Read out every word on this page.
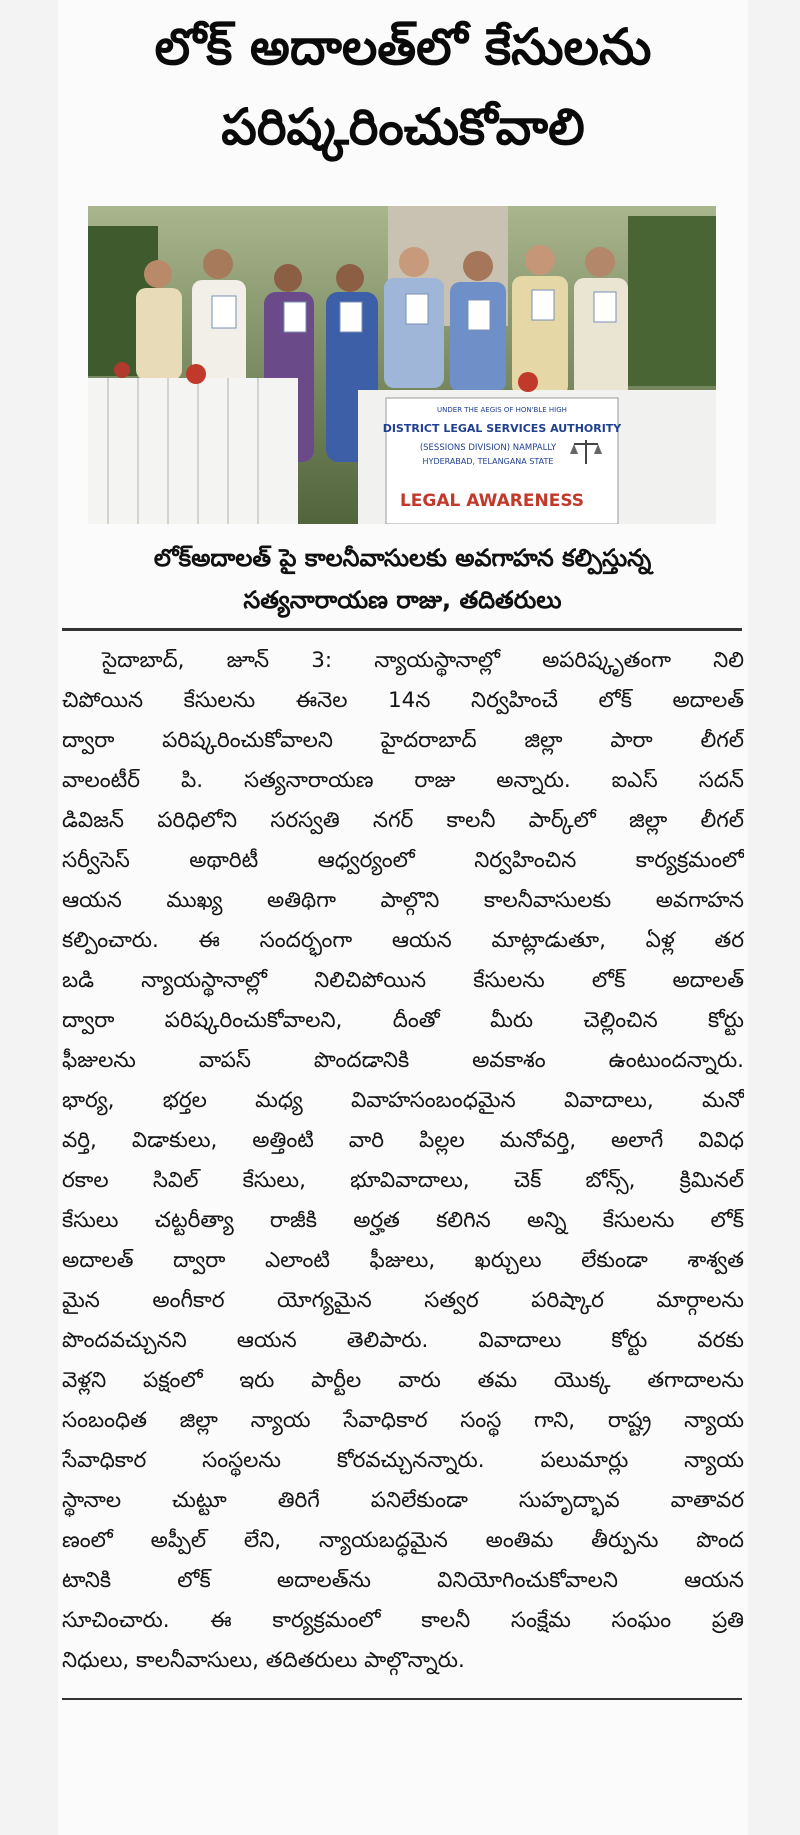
లోక్ అదాలత్‌లో కేసులను
పరిష్కరించుకోవాలి
UNDER THE AEGIS OF HON'BLE HIGH
DISTRICT LEGAL SERVICES AUTHORITY
(SESSIONS DIVISION) NAMPALLY
HYDERABAD, TELANGANA STATE
LEGAL AWARENESS
లోక్‌అదాలత్ పై కాలనీవాసులకు అవగాహన కల్పిస్తున్న
సత్యనారాయణ రాజు, తదితరులు
సైదాబాద్, జూన్ 3: న్యాయస్థానాల్లో అపరిష్కృతంగా నిలి
చిపోయిన కేసులను ఈనెల 14న నిర్వహించే లోక్ అదాలత్
ద్వారా పరిష్కరించుకోవాలని హైదరాబాద్ జిల్లా పారా లీగల్
వాలంటీర్ పి. సత్యనారాయణ రాజు అన్నారు. ఐఎస్ సదన్
డివిజన్ పరిధిలోని సరస్వతి నగర్ కాలనీ పార్క్‌లో జిల్లా లీగల్
సర్వీసెస్ అథారిటీ ఆధ్వర్యంలో నిర్వహించిన కార్యక్రమంలో
ఆయన ముఖ్య అతిథిగా పాల్గొని కాలనీవాసులకు అవగాహన
కల్పించారు. ఈ సందర్భంగా ఆయన మాట్లాడుతూ, ఏళ్ల తర
బడి న్యాయస్థానాల్లో నిలిచిపోయిన కేసులను లోక్ అదాలత్
ద్వారా పరిష్కరించుకోవాలని, దీంతో మీరు చెల్లించిన కోర్టు
ఫీజులను వాపస్ పొందడానికి అవకాశం ఉంటుందన్నారు.
భార్య, భర్తల మధ్య వివాహసంబంధమైన వివాదాలు, మనో
వర్తి, విడాకులు, అత్తింటి వారి పిల్లల మనోవర్తి, అలాగే వివిధ
రకాల సివిల్ కేసులు, భూవివాదాలు, చెక్ బోన్స్, క్రిమినల్
కేసులు చట్టరీత్యా రాజీకి అర్హత కలిగిన అన్ని కేసులను లోక్
అదాలత్ ద్వారా ఎలాంటి ఫీజులు, ఖర్చులు లేకుండా శాశ్వత
మైన అంగీకార యోగ్యమైన సత్వర పరిష్కార మార్గాలను
పొందవచ్చునని ఆయన తెలిపారు. వివాదాలు కోర్టు వరకు
వెళ్లని పక్షంలో ఇరు పార్టీల వారు తమ యొక్క తగాదాలను
సంబంధిత జిల్లా న్యాయ సేవాధికార సంస్థ గాని, రాష్ట్ర న్యాయ
సేవాధికార సంస్థలను కోరవచ్చునన్నారు. పలుమార్లు న్యాయ
స్థానాల చుట్టూ తిరిగే పనిలేకుండా సుహృద్భావ వాతావర
ణంలో అప్పీల్ లేని, న్యాయబద్ధమైన అంతిమ తీర్పును పొంద
టానికి లోక్ అదాలత్‌ను వినియోగించుకోవాలని ఆయన
సూచించారు. ఈ కార్యక్రమంలో కాలనీ సంక్షేమ సంఘం ప్రతి
నిధులు, కాలనీవాసులు, తదితరులు పాల్గొన్నారు.
